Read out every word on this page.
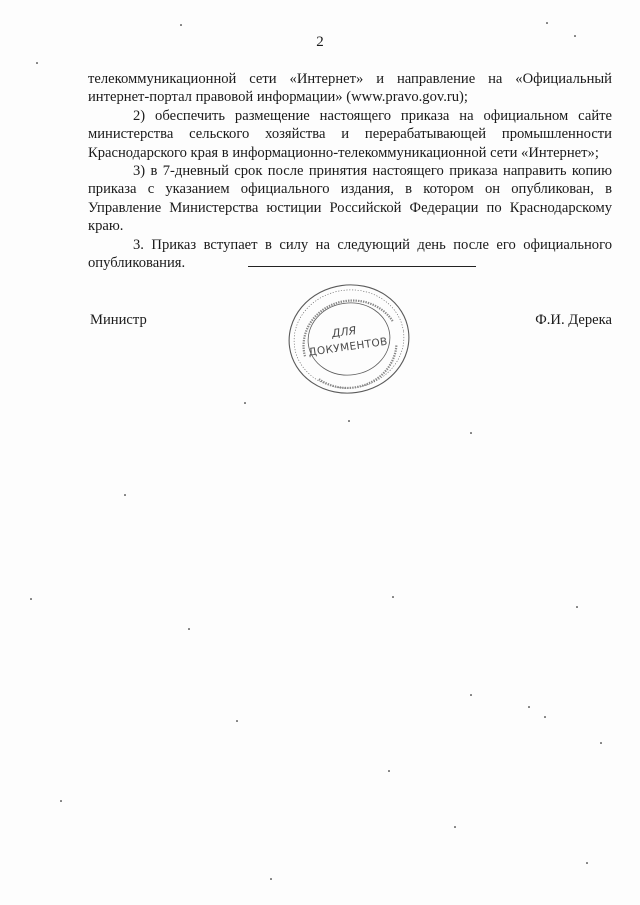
2

телекоммуникационной сети «Интернет» и направление на «Официальный интернет-портал правовой информации» (www.pravo.gov.ru);

2) обеспечить размещение настоящего приказа на официальном сайте министерства сельского хозяйства и перерабатывающей промышленности Краснодарского края в информационно-телекоммуникационной сети «Интернет»;

3) в 7-дневный срок после принятия настоящего приказа направить копию приказа с указанием официального издания, в котором он опубликован, в Управление Министерства юстиции Российской Федерации по Краснодарскому краю.

3. Приказ вступает в силу на следующий день после его официального опубликования.

Министр	Ф.И. Дерека
ДЛЯ
ДОКУМЕНТОВ
